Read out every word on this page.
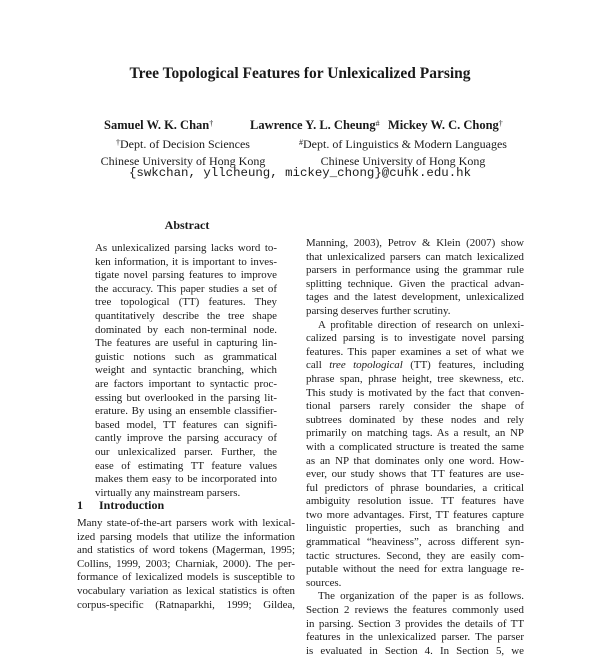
Tree Topological Features for Unlexicalized Parsing
Samuel W. K. Chan†	Lawrence Y. L. Cheung# Mickey W. C. Chong†
†Dept. of Decision Sciences
Chinese University of Hong Kong
#Dept. of Linguistics & Modern Languages
Chinese University of Hong Kong
{swkchan, yllcheung, mickey_chong}@cuhk.edu.hk
Abstract
As unlexicalized parsing lacks word to-
ken information, it is important to inves-
tigate novel parsing features to improve
the accuracy. This paper studies a set of
tree topological (TT) features. They
quantitatively describe the tree shape
dominated by each non-terminal node.
The features are useful in capturing lin-
guistic notions such as grammatical
weight and syntactic branching, which
are factors important to syntactic proc-
essing but overlooked in the parsing lit-
erature. By using an ensemble classifier-
based model, TT features can signifi-
cantly improve the parsing accuracy of
our unlexicalized parser. Further, the
ease of estimating TT feature values
makes them easy to be incorporated into
virtually any mainstream parsers.
1 Introduction
Many state-of-the-art parsers work with lexical-
ized parsing models that utilize the information
and statistics of word tokens (Magerman, 1995;
Collins, 1999, 2003; Charniak, 2000). The per-
formance of lexicalized models is susceptible to
vocabulary variation as lexical statistics is often
corpus-specific (Ratnaparkhi, 1999; Gildea,
Manning, 2003), Petrov & Klein (2007) show
that unlexicalized parsers can match lexicalized
parsers in performance using the grammar rule
splitting technique. Given the practical advan-
tages and the latest development, unlexicalized
parsing deserves further scrutiny.
A profitable direction of research on unlexi-
calized parsing is to investigate novel parsing
features. This paper examines a set of what we
call tree topological (TT) features, including
phrase span, phrase height, tree skewness, etc.
This study is motivated by the fact that conven-
tional parsers rarely consider the shape of
subtrees dominated by these nodes and rely
primarily on matching tags. As a result, an NP
with a complicated structure is treated the same
as an NP that dominates only one word. How-
ever, our study shows that TT features are use-
ful predictors of phrase boundaries, a critical
ambiguity resolution issue. TT features have
two more advantages. First, TT features capture
linguistic properties, such as branching and
grammatical “heaviness”, across different syn-
tactic structures. Second, they are easily com-
putable without the need for extra language re-
sources.
The organization of the paper is as follows.
Section 2 reviews the features commonly used
in parsing. Section 3 provides the details of TT
features in the unlexicalized parser. The parser
is evaluated in Section 4. In Section 5, we
